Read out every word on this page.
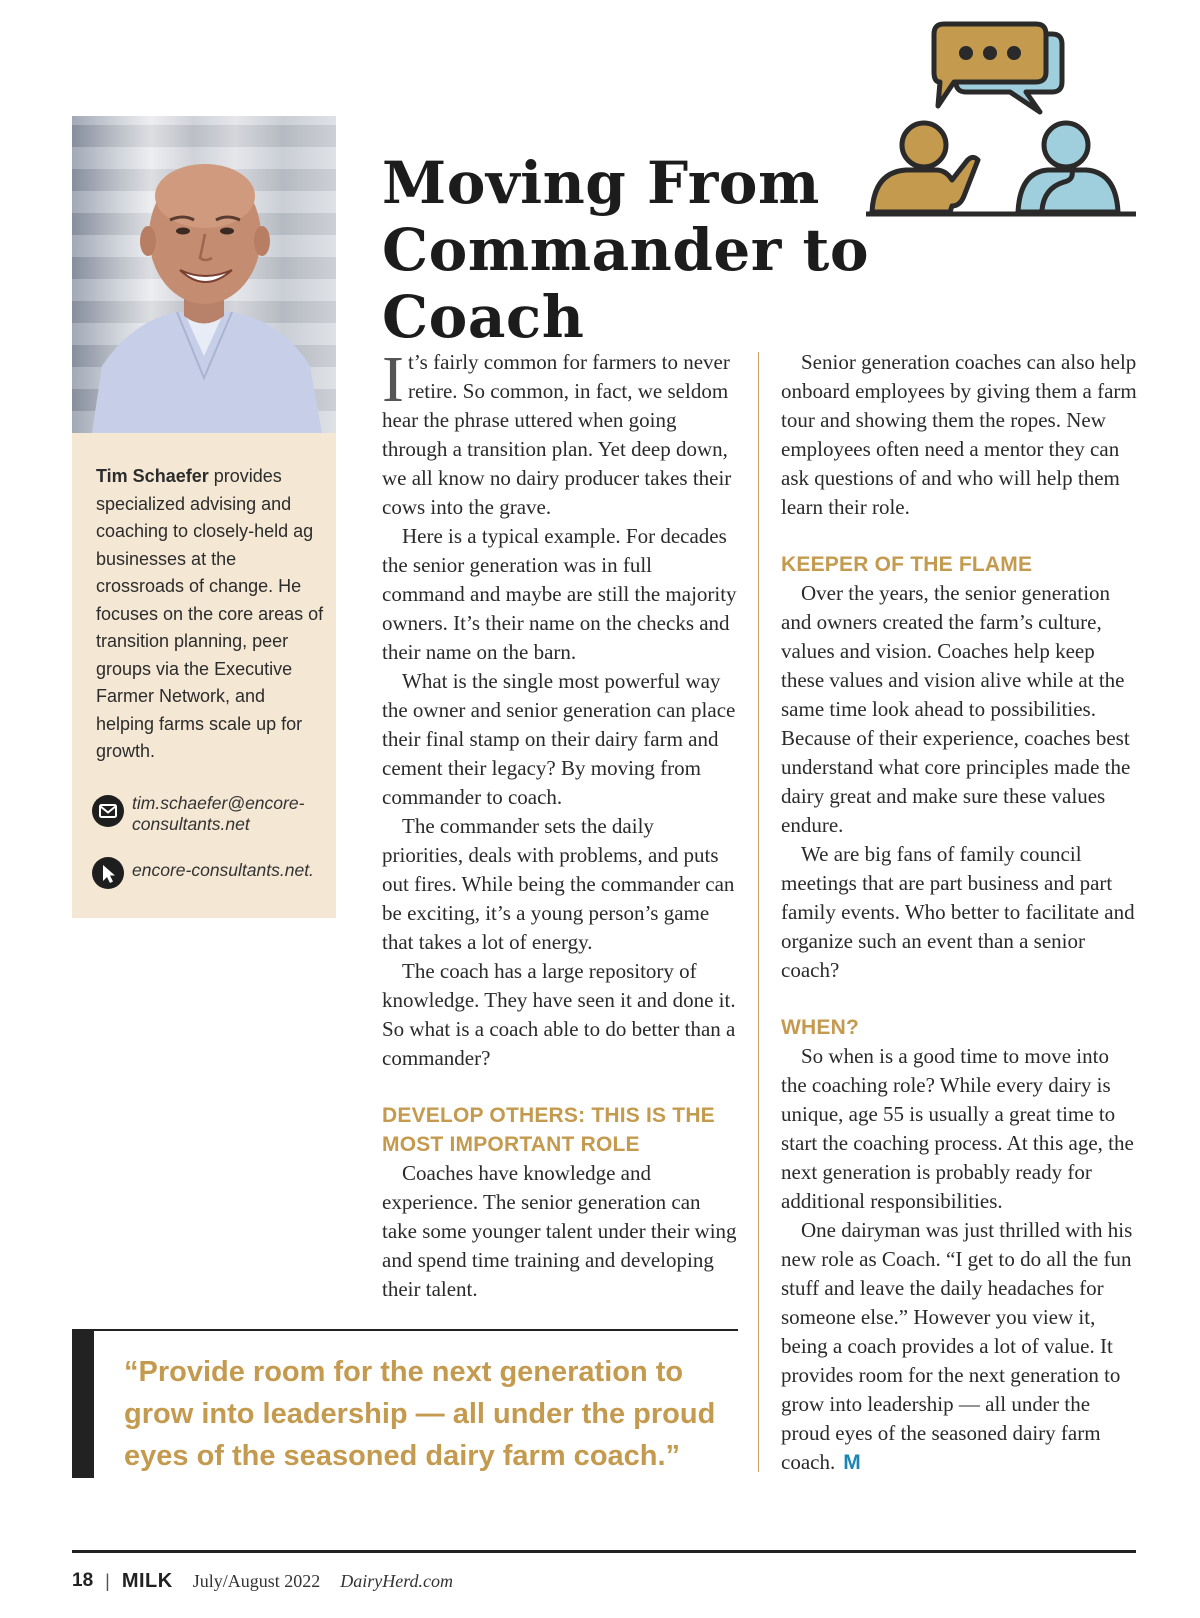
Tim Schaefer provides specialized advising and coaching to closely-held ag businesses at the crossroads of change. He focuses on the core areas of transition planning, peer groups via the Executive Farmer Network, and helping farms scale up for growth.
tim.schaefer@encore-
consultants.net
encore-consultants.net.
Moving From
Commander to Coach

It’s fairly common for farmers to never retire. So common, in fact, we seldom hear the phrase uttered when going through a transition plan. Yet deep down, we all know no dairy producer takes their cows into the grave.

Here is a typical example. For decades the senior generation was in full command and maybe are still the majority owners. It’s their name on the checks and their name on the barn.

What is the single most powerful way the owner and senior generation can place their final stamp on their dairy farm and cement their legacy? By moving from commander to coach.

The commander sets the daily priorities, deals with problems, and puts out fires. While being the commander can be exciting, it’s a young person’s game that takes a lot of energy.

The coach has a large repository of knowledge. They have seen it and done it. So what is a coach able to do better than a commander?

DEVELOP OTHERS: THIS IS THE MOST IMPORTANT ROLE

Coaches have knowledge and experience. The senior generation can take some younger talent under their wing and spend time training and developing their talent.

Senior generation coaches can also help onboard employees by giving them a farm tour and showing them the ropes. New employees often need a mentor they can ask questions of and who will help them learn their role.

KEEPER OF THE FLAME

Over the years, the senior generation and owners created the farm’s culture, values and vision. Coaches help keep these values and vision alive while at the same time look ahead to possibilities. Because of their experience, coaches best understand what core principles made the dairy great and make sure these values endure.

We are big fans of family council meetings that are part business and part family events. Who better to facilitate and organize such an event than a senior coach?

WHEN?

So when is a good time to move into the coaching role? While every dairy is unique, age 55 is usually a great time to start the coaching process. At this age, the next generation is probably ready for additional responsibilities.

One dairyman was just thrilled with his new role as Coach. “I get to do all the fun stuff and leave the daily headaches for someone else.” However you view it, being a coach provides a lot of value. It provides room for the next generation to grow into leadership — all under the proud eyes of the seasoned dairy farm coach. M

“Provide room for the next generation to grow into leadership — all under the proud eyes of the seasoned dairy farm coach.”
18 | MILK July/August 2022 DairyHerd.com
